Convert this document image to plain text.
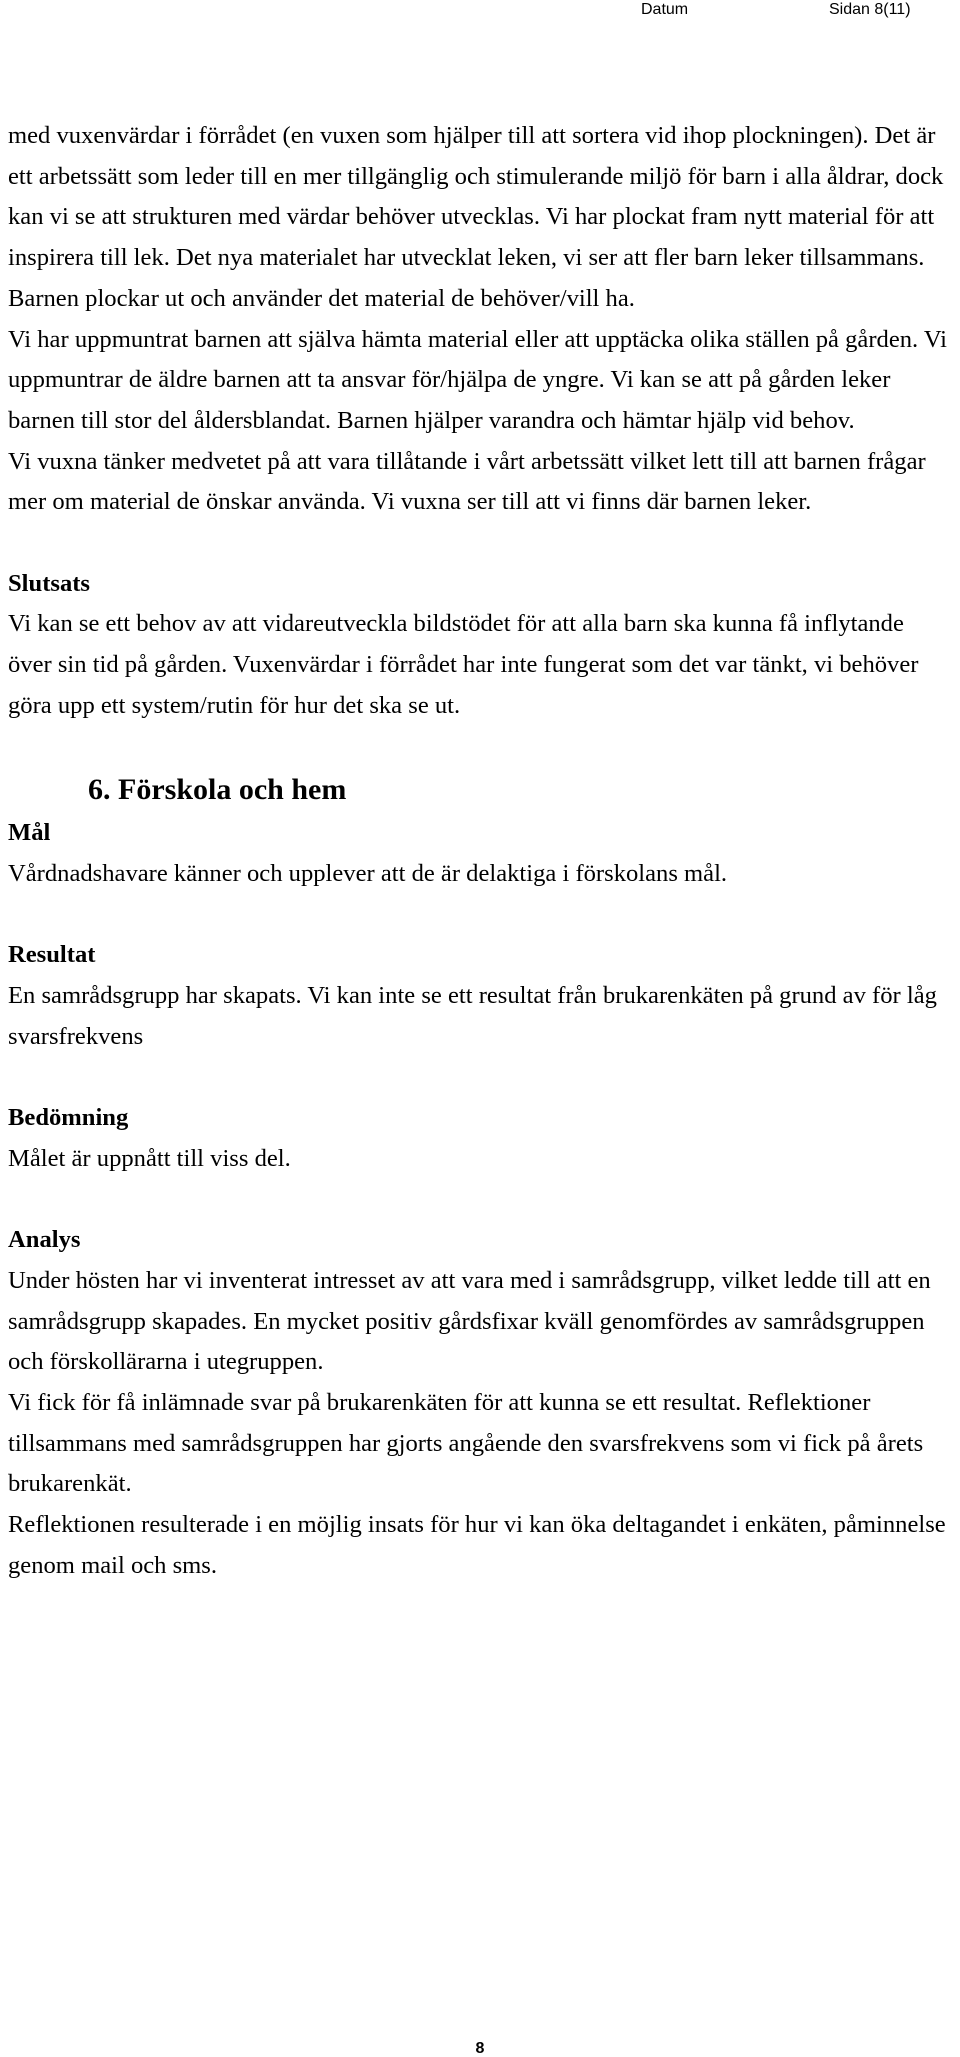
Datum	Sidan 8(11)

med vuxenvärdar i förrådet (en vuxen som hjälper till att sortera vid ihop plockningen). Det är ett arbetssätt som leder till en mer tillgänglig och stimulerande miljö för barn i alla åldrar, dock kan vi se att strukturen med värdar behöver utvecklas. Vi har plockat fram nytt material för att inspirera till lek. Det nya materialet har utvecklat leken, vi ser att fler barn leker tillsammans. Barnen plockar ut och använder det material de behöver/vill ha.

Vi har uppmuntrat barnen att själva hämta material eller att upptäcka olika ställen på gården. Vi uppmuntrar de äldre barnen att ta ansvar för/hjälpa de yngre. Vi kan se att på gården leker barnen till stor del åldersblandat. Barnen hjälper varandra och hämtar hjälp vid behov.

Vi vuxna tänker medvetet på att vara tillåtande i vårt arbetssätt vilket lett till att barnen frågar mer om material de önskar använda. Vi vuxna ser till att vi finns där barnen leker.

Slutsats

Vi kan se ett behov av att vidareutveckla bildstödet för att alla barn ska kunna få inflytande över sin tid på gården. Vuxenvärdar i förrådet har inte fungerat som det var tänkt, vi behöver göra upp ett system/rutin för hur det ska se ut.

6. Förskola och hem
Mål

Vårdnadshavare känner och upplever att de är delaktiga i förskolans mål.

Resultat

En samrådsgrupp har skapats. Vi kan inte se ett resultat från brukarenkäten på grund av för låg svarsfrekvens

Bedömning

Målet är uppnått till viss del.

Analys

Under hösten har vi inventerat intresset av att vara med i samrådsgrupp, vilket ledde till att en samrådsgrupp skapades. En mycket positiv gårdsfixar kväll genomfördes av samrådsgruppen och förskollärarna i utegruppen.

Vi fick för få inlämnade svar på brukarenkäten för att kunna se ett resultat. Reflektioner tillsammans med samrådsgruppen har gjorts angående den svarsfrekvens som vi fick på årets brukarenkät.

Reflektionen resulterade i en möjlig insats för hur vi kan öka deltagandet i enkäten, påminnelse genom mail och sms.

8
